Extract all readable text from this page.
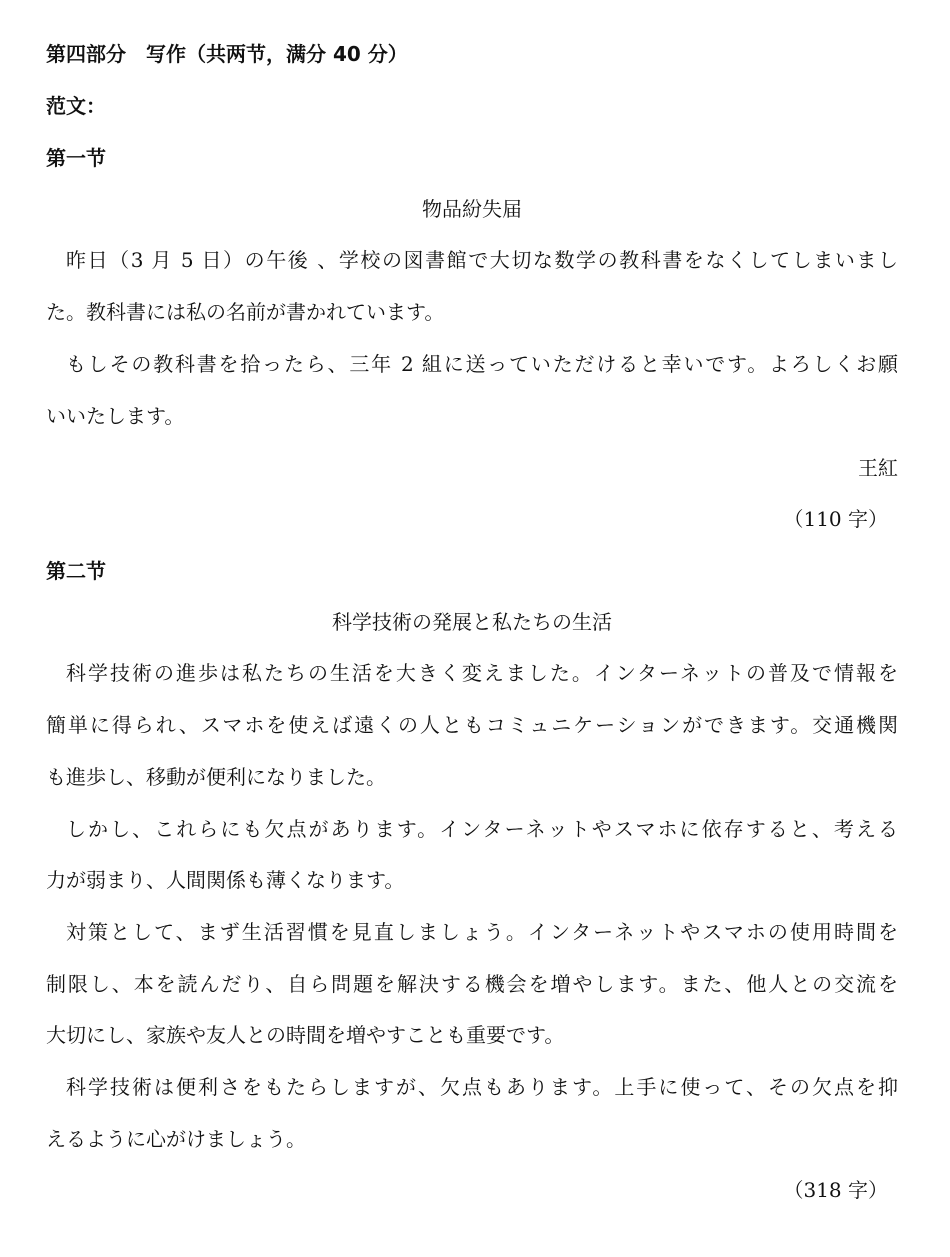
第四部分　写作（共两节，满分 40 分）
范文：
第一节
物品紛失届
昨日（3 月 5 日）の午後 、学校の図書館で大切な数学の教科書をなくしてしまいまし
た。教科書には私の名前が書かれています。
もしその教科書を拾ったら、三年 2 組に送っていただけると幸いです。よろしくお願
いいたします。
王紅
（110 字）
第二节
科学技術の発展と私たちの生活
科学技術の進歩は私たちの生活を大きく変えました。インターネットの普及で情報を
簡単に得られ、スマホを使えば遠くの人ともコミュニケーションができます。交通機関
も進歩し、移動が便利になりました。
しかし、これらにも欠点があります。インターネットやスマホに依存すると、考える
力が弱まり、人間関係も薄くなります。
対策として、まず生活習慣を見直しましょう。インターネットやスマホの使用時間を
制限し、本を読んだり、自ら問題を解決する機会を増やします。また、他人との交流を
大切にし、家族や友人との時間を増やすことも重要です。
科学技術は便利さをもたらしますが、欠点もあります。上手に使って、その欠点を抑
えるように心がけましょう。
（318 字）
